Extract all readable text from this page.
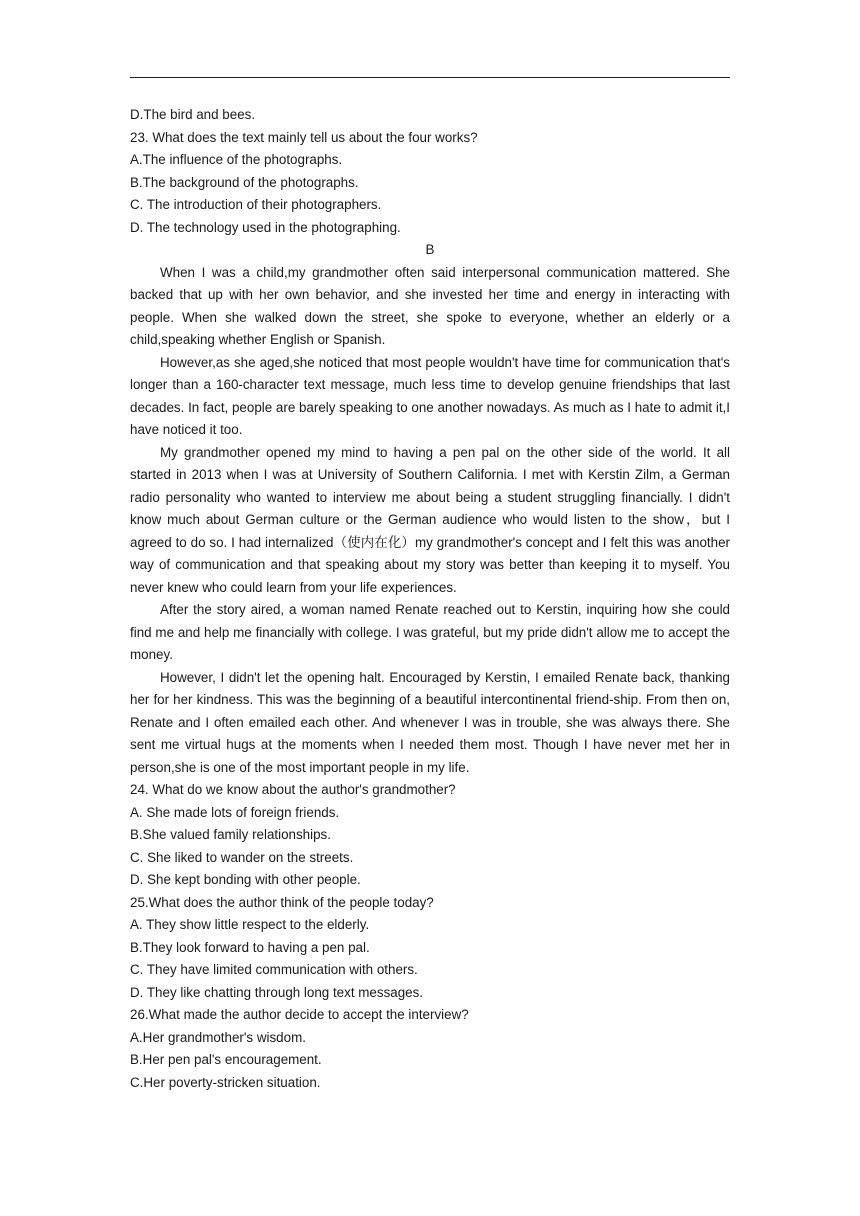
D.The bird and bees.
23. What does the text mainly tell us about the four works?
A.The influence of the photographs.
B.The background of the photographs.
C. The introduction of their photographers.
D. The technology used in the photographing.
B

When I was a child,my grandmother often said interpersonal communication mattered. She backed that up with her own behavior, and she invested her time and energy in interacting with people. When she walked down the street, she spoke to everyone, whether an elderly or a child,speaking whether English or Spanish.

However,as she aged,she noticed that most people wouldn't have time for communication that's longer than a 160-character text message, much less time to develop genuine friendships that last decades. In fact, people are barely speaking to one another nowadays. As much as I hate to admit it,I have noticed it too.

My grandmother opened my mind to having a pen pal on the other side of the world. It all started in 2013 when I was at University of Southern California. I met with Kerstin Zilm, a German radio personality who wanted to interview me about being a student struggling financially. I didn't know much about German culture or the German audience who would listen to the show，but I agreed to do so. I had internalized（使内在化）my grandmother's concept and I felt this was another way of communication and that speaking about my story was better than keeping it to myself. You never knew who could learn from your life experiences.

After the story aired, a woman named Renate reached out to Kerstin, inquiring how she could find me and help me financially with college. I was grateful, but my pride didn't allow me to accept the money.

However, I didn't let the opening halt. Encouraged by Kerstin, I emailed Renate back, thanking her for her kindness. This was the beginning of a beautiful intercontinental friend-ship. From then on, Renate and I often emailed each other. And whenever I was in trouble, she was always there. She sent me virtual hugs at the moments when I needed them most. Though I have never met her in person,she is one of the most important people in my life.

24. What do we know about the author's grandmother?
A. She made lots of foreign friends.
B.She valued family relationships.
C. She liked to wander on the streets.
D. She kept bonding with other people.
25.What does the author think of the people today?
A. They show little respect to the elderly.
B.They look forward to having a pen pal.
C. They have limited communication with others.
D. They like chatting through long text messages.
26.What made the author decide to accept the interview?
A.Her grandmother's wisdom.
B.Her pen pal's encouragement.
C.Her poverty-stricken situation.
